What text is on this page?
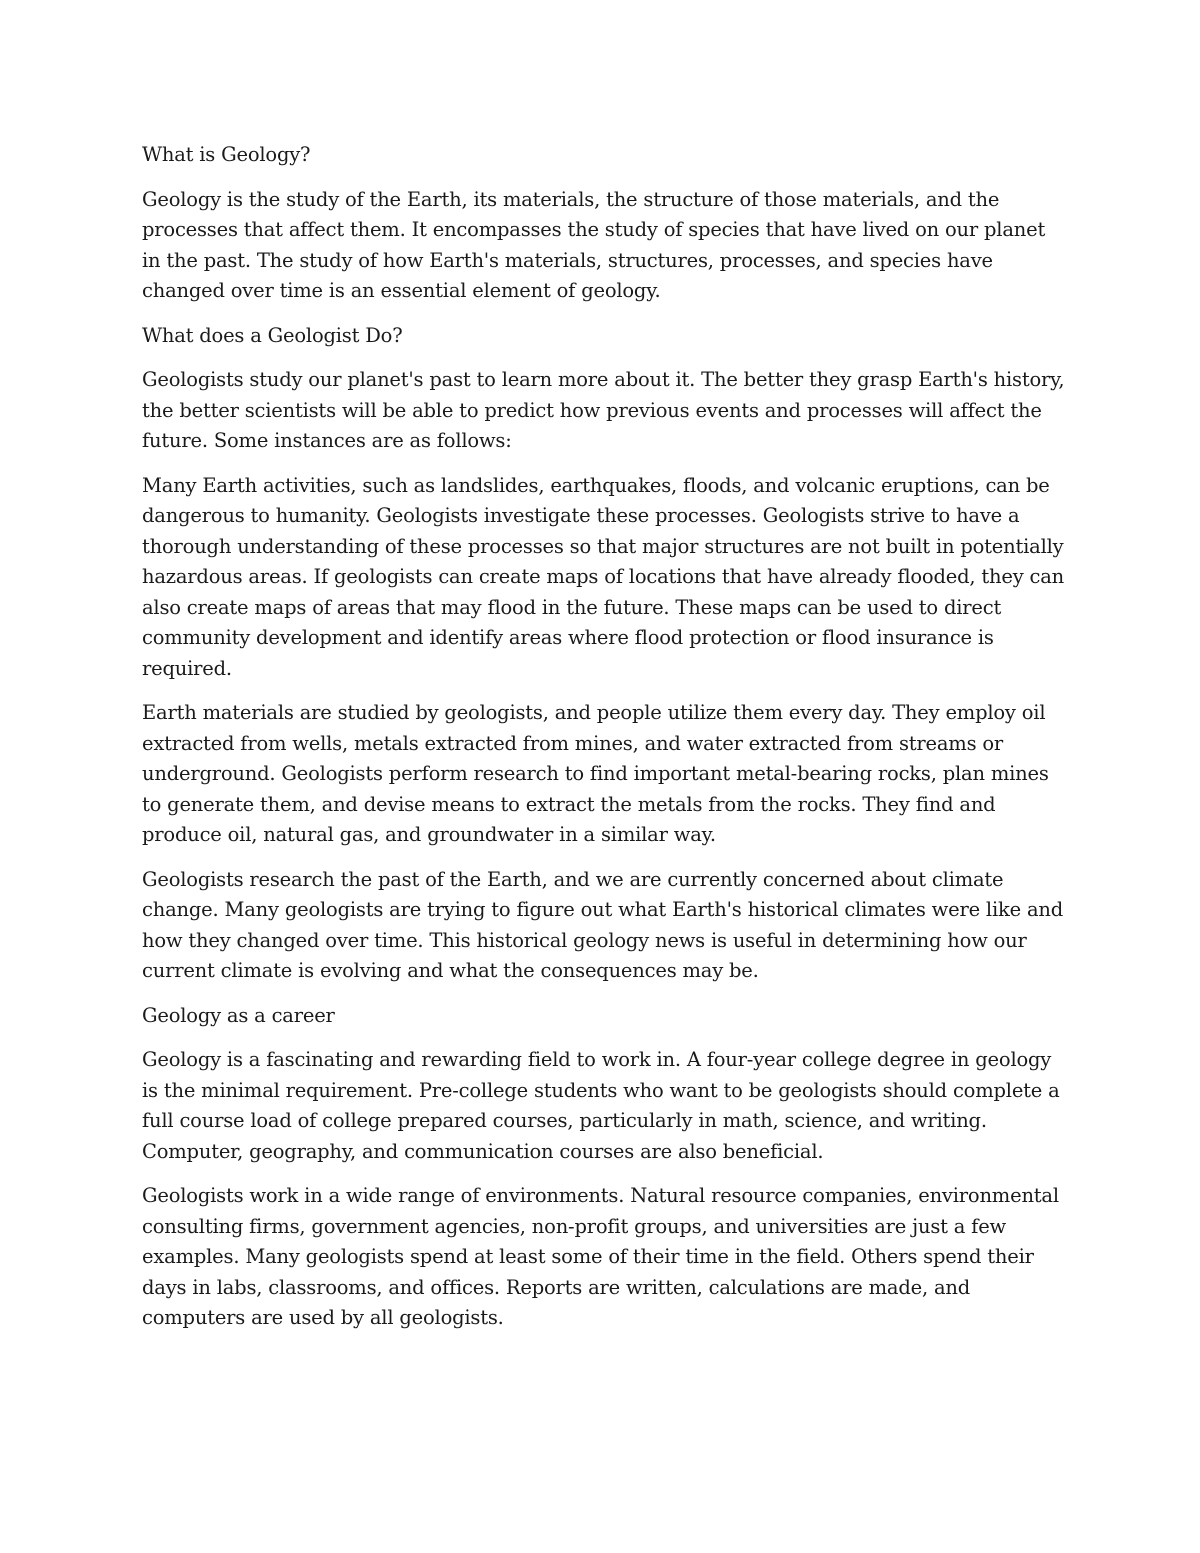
What is Geology?

Geology is the study of the Earth, its materials, the structure of those materials, and the processes that affect them. It encompasses the study of species that have lived on our planet in the past. The study of how Earth's materials, structures, processes, and species have changed over time is an essential element of geology.

What does a Geologist Do?

Geologists study our planet's past to learn more about it. The better they grasp Earth's history, the better scientists will be able to predict how previous events and processes will affect the future. Some instances are as follows:

Many Earth activities, such as landslides, earthquakes, floods, and volcanic eruptions, can be dangerous to humanity. Geologists investigate these processes. Geologists strive to have a thorough understanding of these processes so that major structures are not built in potentially hazardous areas. If geologists can create maps of locations that have already flooded, they can also create maps of areas that may flood in the future. These maps can be used to direct community development and identify areas where flood protection or flood insurance is required.

Earth materials are studied by geologists, and people utilize them every day. They employ oil extracted from wells, metals extracted from mines, and water extracted from streams or underground. Geologists perform research to find important metal-bearing rocks, plan mines to generate them, and devise means to extract the metals from the rocks. They find and produce oil, natural gas, and groundwater in a similar way.

Geologists research the past of the Earth, and we are currently concerned about climate change. Many geologists are trying to figure out what Earth's historical climates were like and how they changed over time. This historical geology news is useful in determining how our current climate is evolving and what the consequences may be.

Geology as a career

Geology is a fascinating and rewarding field to work in. A four-year college degree in geology is the minimal requirement. Pre-college students who want to be geologists should complete a full course load of college prepared courses, particularly in math, science, and writing. Computer, geography, and communication courses are also beneficial.

Geologists work in a wide range of environments. Natural resource companies, environmental consulting firms, government agencies, non-profit groups, and universities are just a few examples. Many geologists spend at least some of their time in the field. Others spend their days in labs, classrooms, and offices. Reports are written, calculations are made, and computers are used by all geologists.
